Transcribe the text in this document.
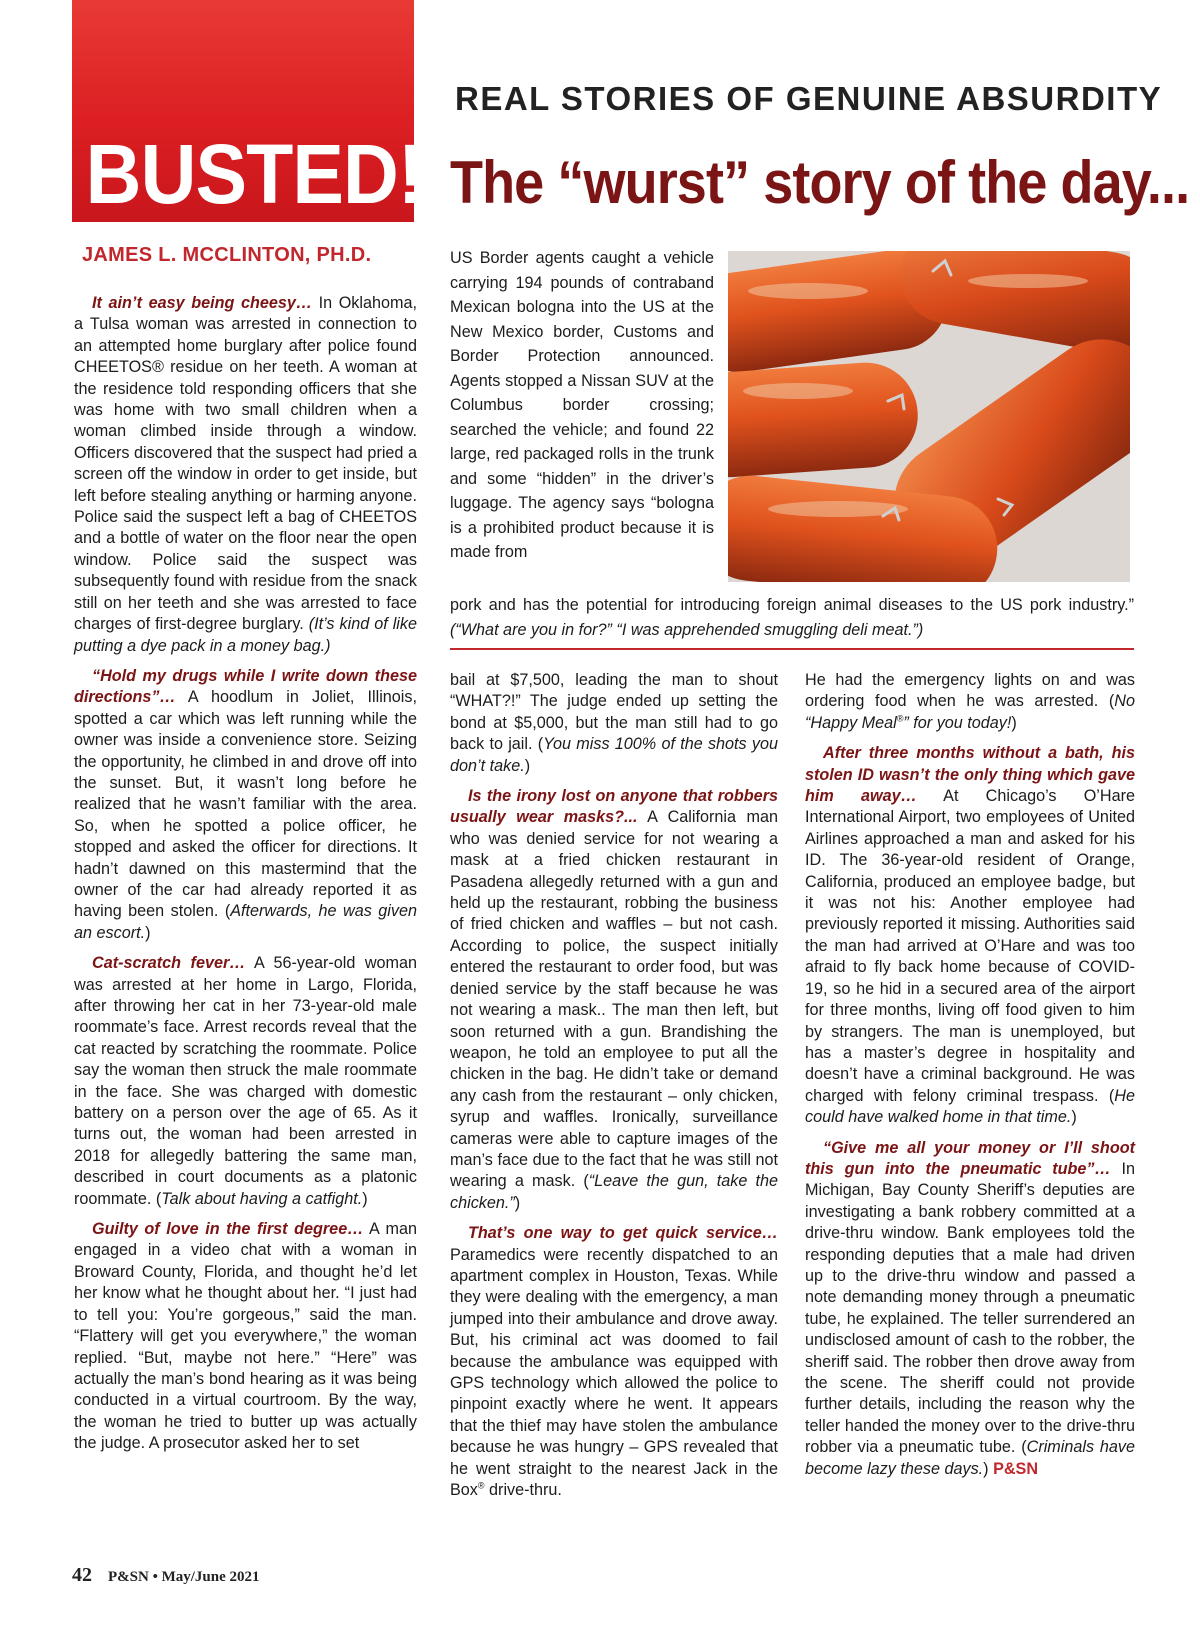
BUSTED!
REAL STORIES OF GENUINE ABSURDITY
The “wurst” story of the day...
JAMES L. MCCLINTON, PH.D.

It ain’t easy being cheesy… In Oklahoma, a Tulsa woman was arrested in connection to an attempted home burglary after police found CHEETOS® residue on her teeth. A woman at the residence told responding officers that she was home with two small children when a woman climbed inside through a window. Officers discovered that the suspect had pried a screen off the window in order to get inside, but left before stealing anything or harming anyone. Police said the suspect left a bag of CHEETOS and a bottle of water on the floor near the open window. Police said the suspect was subsequently found with residue from the snack still on her teeth and she was arrested to face charges of first-degree burglary. (It’s kind of like putting a dye pack in a money bag.)

“Hold my drugs while I write down these directions”… A hoodlum in Joliet, Illinois, spotted a car which was left running while the owner was inside a convenience store. Seizing the opportunity, he climbed in and drove off into the sunset. But, it wasn’t long before he realized that he wasn’t familiar with the area. So, when he spotted a police officer, he stopped and asked the officer for directions. It hadn’t dawned on this mastermind that the owner of the car had already reported it as having been stolen. (Afterwards, he was given an escort.)

Cat-scratch fever… A 56-year-old woman was arrested at her home in Largo, Florida, after throwing her cat in her 73-year-old male roommate’s face. Arrest records reveal that the cat reacted by scratching the roommate. Police say the woman then struck the male roommate in the face. She was charged with domestic battery on a person over the age of 65. As it turns out, the woman had been arrested in 2018 for allegedly battering the same man, described in court documents as a platonic roommate. (Talk about having a catfight.)

Guilty of love in the first degree… A man engaged in a video chat with a woman in Broward County, Florida, and thought he’d let her know what he thought about her. “I just had to tell you: You’re gorgeous,” said the man. “Flattery will get you everywhere,” the woman replied. “But, maybe not here.” “Here” was actually the man’s bond hearing as it was being conducted in a virtual courtroom. By the way, the woman he tried to butter up was actually the judge. A prosecutor asked her to set

US Border agents caught a vehicle carrying 194 pounds of contraband Mexican bologna into the US at the New Mexico border, Customs and Border Protection announced. Agents stopped a Nissan SUV at the Columbus border crossing; searched the vehicle; and found 22 large, red packaged rolls in the trunk and some “hidden” in the driver’s luggage. The agency says “bologna is a prohibited product because it is made from
pork and has the potential for introducing foreign animal diseases to the US pork industry.” (“What are you in for?” “I was apprehended smuggling deli meat.”)

bail at $7,500, leading the man to shout “WHAT?!” The judge ended up setting the bond at $5,000, but the man still had to go back to jail. (You miss 100% of the shots you don’t take.)

Is the irony lost on anyone that robbers usually wear masks?... A California man who was denied service for not wearing a mask at a fried chicken restaurant in Pasadena allegedly returned with a gun and held up the restaurant, robbing the business of fried chicken and waffles – but not cash. According to police, the suspect initially entered the restaurant to order food, but was denied service by the staff because he was not wearing a mask.. The man then left, but soon returned with a gun. Brandishing the weapon, he told an employee to put all the chicken in the bag. He didn’t take or demand any cash from the restaurant – only chicken, syrup and waffles. Ironically, surveillance cameras were able to capture images of the man’s face due to the fact that he was still not wearing a mask. (“Leave the gun, take the chicken.”)

That’s one way to get quick service… Paramedics were recently dispatched to an apartment complex in Houston, Texas. While they were dealing with the emergency, a man jumped into their ambulance and drove away. But, his criminal act was doomed to fail because the ambulance was equipped with GPS technology which allowed the police to pinpoint exactly where he went. It appears that the thief may have stolen the ambulance because he was hungry – GPS revealed that he went straight to the nearest Jack in the Box® drive-thru.

He had the emergency lights on and was ordering food when he was arrested. (No “Happy Meal®” for you today!)

After three months without a bath, his stolen ID wasn’t the only thing which gave him away… At Chicago’s O’Hare International Airport, two employees of United Airlines approached a man and asked for his ID. The 36-year-old resident of Orange, California, produced an employee badge, but it was not his: Another employee had previously reported it missing. Authorities said the man had arrived at O’Hare and was too afraid to fly back home because of COVID-19, so he hid in a secured area of the airport for three months, living off food given to him by strangers. The man is unemployed, but has a master’s degree in hospitality and doesn’t have a criminal background. He was charged with felony criminal trespass. (He could have walked home in that time.)

“Give me all your money or I’ll shoot this gun into the pneumatic tube”… In Michigan, Bay County Sheriff’s deputies are investigating a bank robbery committed at a drive-thru window. Bank employees told the responding deputies that a male had driven up to the drive-thru window and passed a note demanding money through a pneumatic tube, he explained. The teller surrendered an undisclosed amount of cash to the robber, the sheriff said. The robber then drove away from the scene. The sheriff could not provide further details, including the reason why the teller handed the money over to the drive-thru robber via a pneumatic tube. (Criminals have become lazy these days.) P&SN

42 P&SN • May/June 2021
